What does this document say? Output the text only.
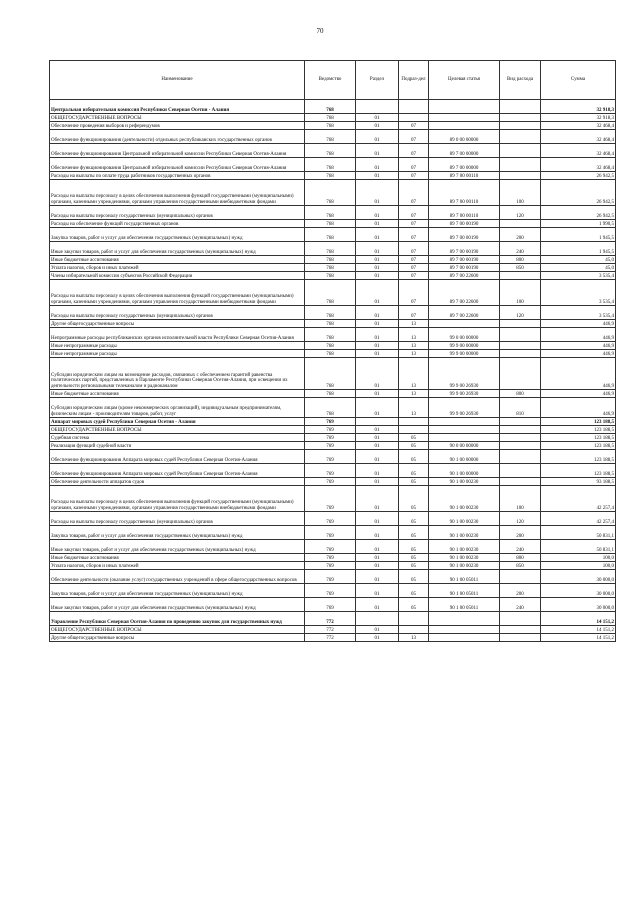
70
Наименование	Ведомство	Раздел	Подраз-дел	Целевая статья	Вид расхода	Сумма
Центральная избирательная комиссия Республики Северная Осетия - Алания	768					32 918,3
ОБЩЕГОСУДАРСТВЕННЫЕ ВОПРОСЫ	768	01				32 918,3
Обеспечение проведения выборов и референдумов	768	01	07			32 468,4
Обеспечение функционирования (деятельности) отдельных республиканских государственных органов	768	01	07	89 0 00 00000		32 468,4
Обеспечение функционирования Центральной избирательной комиссии Республики Северная Осетия-Алания	768	01	07	89 7 00 00000		32 468,4
Обеспечение функционирования Центральной избирательной комиссии Республики Северная Осетия-Алания	768	01	07	89 7 00 00000		32 468,4
Расходы на выплаты по оплате труда работников государственных органов	768	01	07	89 7 00 00110		26 942,5
Расходы на выплаты персоналу в целях обеспечения выполнения функций государственными (муниципальными) органами, казенными учреждениями, органами управления государственными внебюджетными фондами	768	01	07	89 7 00 00110	100	26 942,5
Расходы на выплаты персоналу государственных (муниципальных) органов	768	01	07	89 7 00 00110	120	26 942,5
Расходы на обеспечение функций государственных органов	768	01	07	89 7 00 00190		1 990,5
Закупка товаров, работ и услуг для обеспечения государственных (муниципальных) нужд	768	01	07	89 7 00 00190	200	1 945,5
Иные закупки товаров, работ и услуг для обеспечения государственных (муниципальных) нужд	768	01	07	89 7 00 00190	240	1 945,5
Иные бюджетные ассигнования	768	01	07	89 7 00 00190	800	45,0
Уплата налогов, сборов и иных платежей	768	01	07	89 7 00 00190	850	45,0
Члены избирательной комиссии субъектов Российской Федерации	768	01	07	89 7 00 22600		3 535,4
Расходы на выплаты персоналу в целях обеспечения выполнения функций государственными (муниципальными) органами, казенными учреждениями, органами управления государственными внебюджетными фондами	768	01	07	89 7 00 22600	100	3 535,4
Расходы на выплаты персоналу государственных (муниципальных) органов	768	01	07	89 7 00 22600	120	3 535,4
Другие общегосударственные вопросы	768	01	13			446,9
Непрограммные расходы республиканских органов исполнительной власти Республики Северная Осетия-Алания	768	01	13	99 0 00 00000		446,9
Иные непрограммные расходы	768	01	13	99 9 00 00000		446,9
Иные непрограммные расходы	768	01	13	99 9 00 00000		446,9
Субсидии юридическим лицам на возмещение расходов, связанных с обеспечением гарантий равенства политических партий, представленных в Парламенте Республики Северная Осетия-Алания, при освещении их деятельности региональными телеканалом и радиоканалом	768	01	13	99 9 00 26930		446,9
Иные бюджетные ассигнования	768	01	13	99 9 00 26930	800	446,9
Субсидии юридическим лицам (кроме некоммерческих организаций), индивидуальным предпринимателям, физическим лицам - производителям товаров, работ, услуг	768	01	13	99 9 00 26930	810	446,9
Аппарат мировых судей Республики Северная Осетия - Алания	769					123 188,5
ОБЩЕГОСУДАРСТВЕННЫЕ ВОПРОСЫ	769	01				123 188,5
Судебная система	769	01	05			123 188,5
Реализация функций судебной власти	769	01	05	90 0 00 00000		123 188,5
Обеспечение функционирования Аппарата мировых судей Республики Северная Осетия-Алания	769	01	05	90 1 00 00000		123 188,5
Обеспечение функционирования Аппарата мировых судей Республики Северная Осетия-Алания	769	01	05	90 1 00 00000		123 188,5
Обеспечение деятельности аппаратов судов	769	01	05	90 1 00 00230		93 188,5
Расходы на выплаты персоналу в целях обеспечения выполнения функций государственными (муниципальными) органами, казенными учреждениями, органами управления государственными внебюджетными фондами	769	01	05	90 1 00 00230	100	42 257,4
Расходы на выплаты персоналу государственных (муниципальных) органов	769	01	05	90 1 00 00230	120	42 257,4
Закупка товаров, работ и услуг для обеспечения государственных (муниципальных) нужд	769	01	05	90 1 00 00230	200	50 831,1
Иные закупки товаров, работ и услуг для обеспечения государственных (муниципальных) нужд	769	01	05	90 1 00 00230	240	50 831,1
Иные бюджетные ассигнования	769	01	05	90 1 00 00230	800	100,0
Уплата налогов, сборов и иных платежей	769	01	05	90 1 00 00230	850	100,0
Обеспечение деятельности (оказание услуг) государственных учреждений в сфере общегосударственных вопросов	769	01	05	90 1 00 05011		30 000,0
Закупка товаров, работ и услуг для обеспечения государственных (муниципальных) нужд	769	01	05	90 1 00 05011	200	30 000,0
Иные закупки товаров, работ и услуг для обеспечения государственных (муниципальных) нужд	769	01	05	90 1 00 05011	240	30 000,0
Управление Республики Северная Осетия-Алания по проведению закупок для государственных нужд	772					14 151,2
ОБЩЕГОСУДАРСТВЕННЫЕ ВОПРОСЫ	772	01				14 151,2
Другие общегосударственные вопросы	772	01	13			14 151,2
